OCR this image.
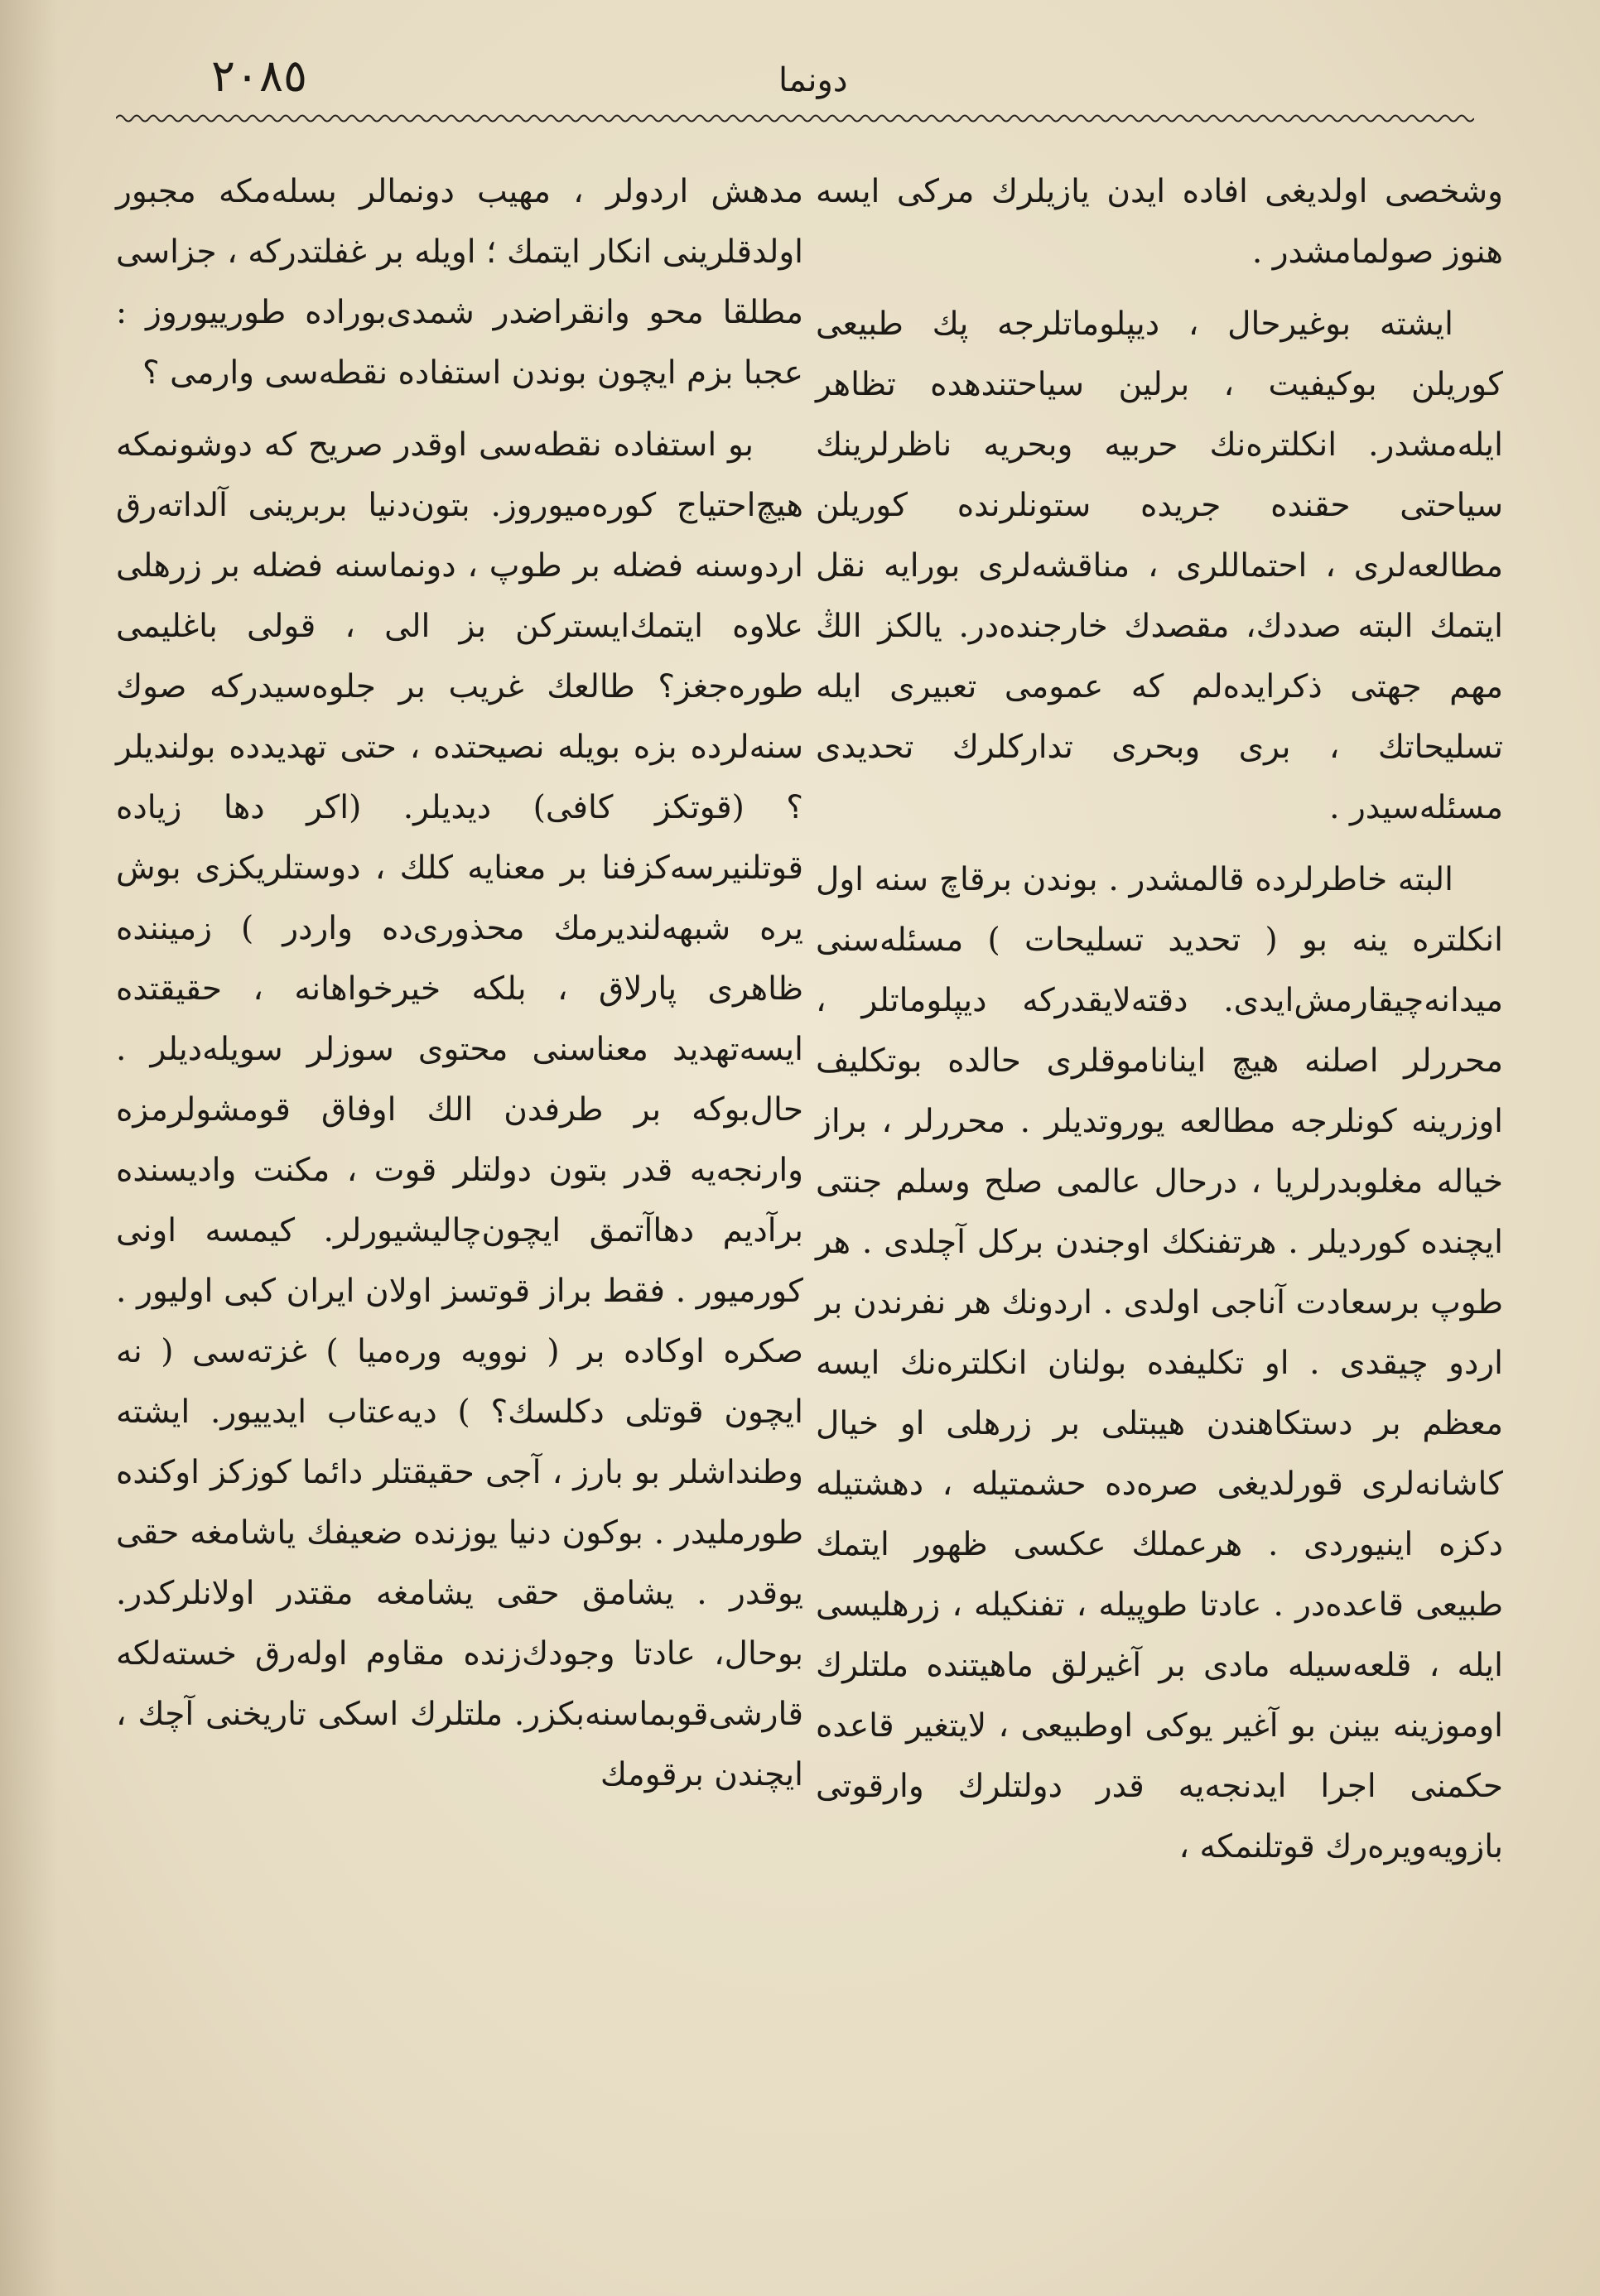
٢٠٨٥	دونما

وشخصی اولدیغی افاده ایدن یازیلرك مركى ایسه هنوز صولمامشدر .

ایشته بوغیرحال ، دیپلوماتلرجه پك طبیعی كوریلن بوكیفیت ، برلین سیاحتندهده تظاهر ایله‌مشدر. انكلتره‌نك حربیه وبحریه ناظرلرینك سیاحتی حقنده جریده ستونلرنده كوریلن مطالعه‌لری ، احتماللری ، مناقشه‌لری بورایه نقل ایتمك البته صددك، مقصدك خارجنده‌در. یالكز الڭ مهم جهتی ذكرایده‌لم كه عمومی تعبیری ایله تسلیحاتك ، بری وبحری تداركلرك تحدیدی مسئله‌سیدر .

البته خاطرلرده قالمشدر . بوندن برقاچ سنه اول انكلتره ینه بو ( تحدید تسلیحات ) مسئله‌سنی میدانه‌چیقارمش‌ایدی. دقته‌لایقدركه دیپلوماتلر ، محررلر اصلنه هیچ ایناناموقلری حالده بوتكلیف اوزرینه كونلرجه مطالعه یوروتدیلر . محررلر ، براز خیاله مغلوبدرلریا ، درحال عالمی صلح وسلم جنتی ایچنده كوردیلر . هرتفنكك اوجندن بركل آچلدی . هر طوپ برسعادت آناجی اولدی . اردونك هر نفرندن بر اردو چیقدی . او تكلیفده بولنان انكلتره‌نك ایسه معظم بر دستكاهندن هیبتلی بر زرهلی او خیال كاشانه‌لری قورلدیغی صره‌ده حشمتیله ، دهشتیله دكزه اینیوردی . هرعملك عكسی ظهور ایتمك طبیعی قاعده‌در . عادتا طوپیله ، تفنكیله ، زرهلیسی ایله ، قلعه‌سیله مادی بر آغیرلق ماهیتنده ملتلرك اوموزینه بینن بو آغیر یوكی اوطبیعی ، لایتغیر قاعده حكمنی اجرا ایدنجه‌یه قدر دولتلرك وارقوتی بازویه‌ویره‌رك قوتلنمكه ،

مدهش اردولر ، مهیب دونمالر بسله‌مكه مجبور اولدقلرینی انكار ایتمك ؛ اویله بر غفلتدركه ، جزاسی مطلقا محو وانقراضدر شمدی‌بورادە طورییوروز : عجبا بزم ایچون بوندن استفاده نقطه‌سی وارمی ؟

بو استفاده نقطه‌سی اوقدر صریح كه دوشونمكه هیچ‌احتیاج كوره‌میوروز. بتون‌دنیا بربرینی آلداته‌رق اردوسنه فضله بر طوپ ، دونماسنه فضله بر زرهلی علاوه ایتمك‌ایستركن بز الی ، قولی باغلیمی طوره‌جغز؟ طالعك غریب بر جلوه‌سیدركه صوك سنه‌لرده بزه بویله نصیحتده ، حتی تهدیدده بولندیلر ؟ (قوتكز كافی) دیدیلر. (اكر دها زیاده قوتلنیرسه‌كز‌فنا بر معنایه كلك ، دوستلریكزی بوش یره شبهه‌لندیرمك محذوری‌ده واردر ) زمیننده ظاهری پارلاق ، بلكه خیرخواهانه ، حقیقتده ایسه‌تهدید معناسنی محتوی سوزلر سویله‌دیلر . حال‌بوكه بر طرفدن الك اوفاق قومشولرمزه وارنجه‌یه قدر بتون دولتلر قوت ، مكنت وادیسنده برآدیم دها‌آتمق ایچون‌چالیشیورلر. كیمسه اونی كورمیور . فقط براز قوتسز اولان ایران كبی اولیور . صكره اوكاده بر ( نوویه ورەمیا ) غزته‌سی ( نه ایچون قوتلی دكلسك؟ ) دیه‌عتاب ایدییور. ایشته وطنداشلر بو بارز ، آجی حقیقتلر دائما كوزكز اوكنده طورملیدر . بوكون دنیا یوزنده ضعیفك یاشامغه حقی یوقدر . یشامق حقی یشامغه مقتدر اولانلركدر. بوحال، عادتا وجودك‌زنده مقاوم اوله‌رق خسته‌لكه قارشی‌قوبماسنه‌بكزر. ملتلرك اسكی تاریخنی آچك ، ایچندن برقومك
